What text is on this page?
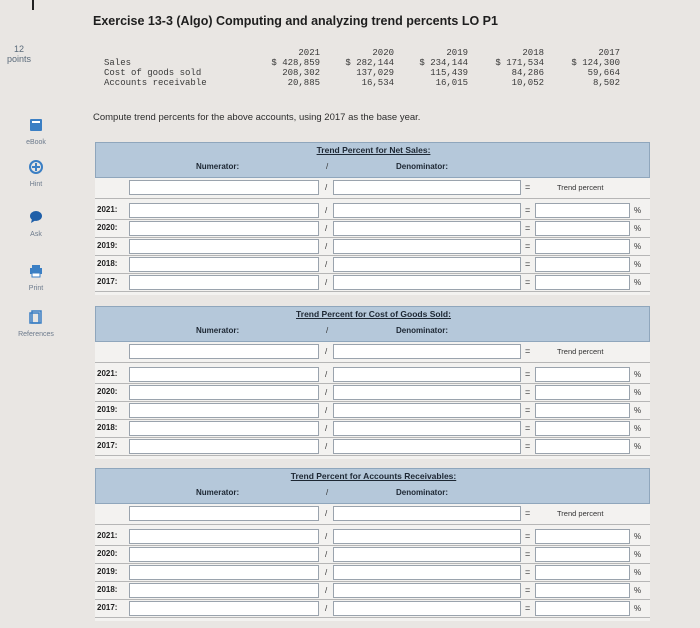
12
points
eBook
Hint
Ask
Print
References
Exercise 13-3 (Algo) Computing and analyzing trend percents LO P1
2021	2020	2019	2018	2017
Sales	$ 428,859	$ 282,144	$ 234,144	$ 171,534	$ 124,300
Cost of goods sold	208,302	137,029	115,439	84,286	59,664
Accounts receivable	20,885	16,534	16,015	10,052	8,502
Compute trend percents for the above accounts, using 2017 as the base year.
Trend Percent for Net Sales:
Numerator:	/	Denominator:
/	=	Trend percent
2021:	/	=	%
2020:	/	=	%
2019:	/	=	%
2018:	/	=	%
2017:	/	=	%
Trend Percent for Cost of Goods Sold:
Numerator:	/	Denominator:
/	=	Trend percent
2021:	/	=	%
2020:	/	=	%
2019:	/	=	%
2018:	/	=	%
2017:	/	=	%
Trend Percent for Accounts Receivables:
Numerator:	/	Denominator:
/	=	Trend percent
2021:	/	=	%
2020:	/	=	%
2019:	/	=	%
2018:	/	=	%
2017:	/	=	%
